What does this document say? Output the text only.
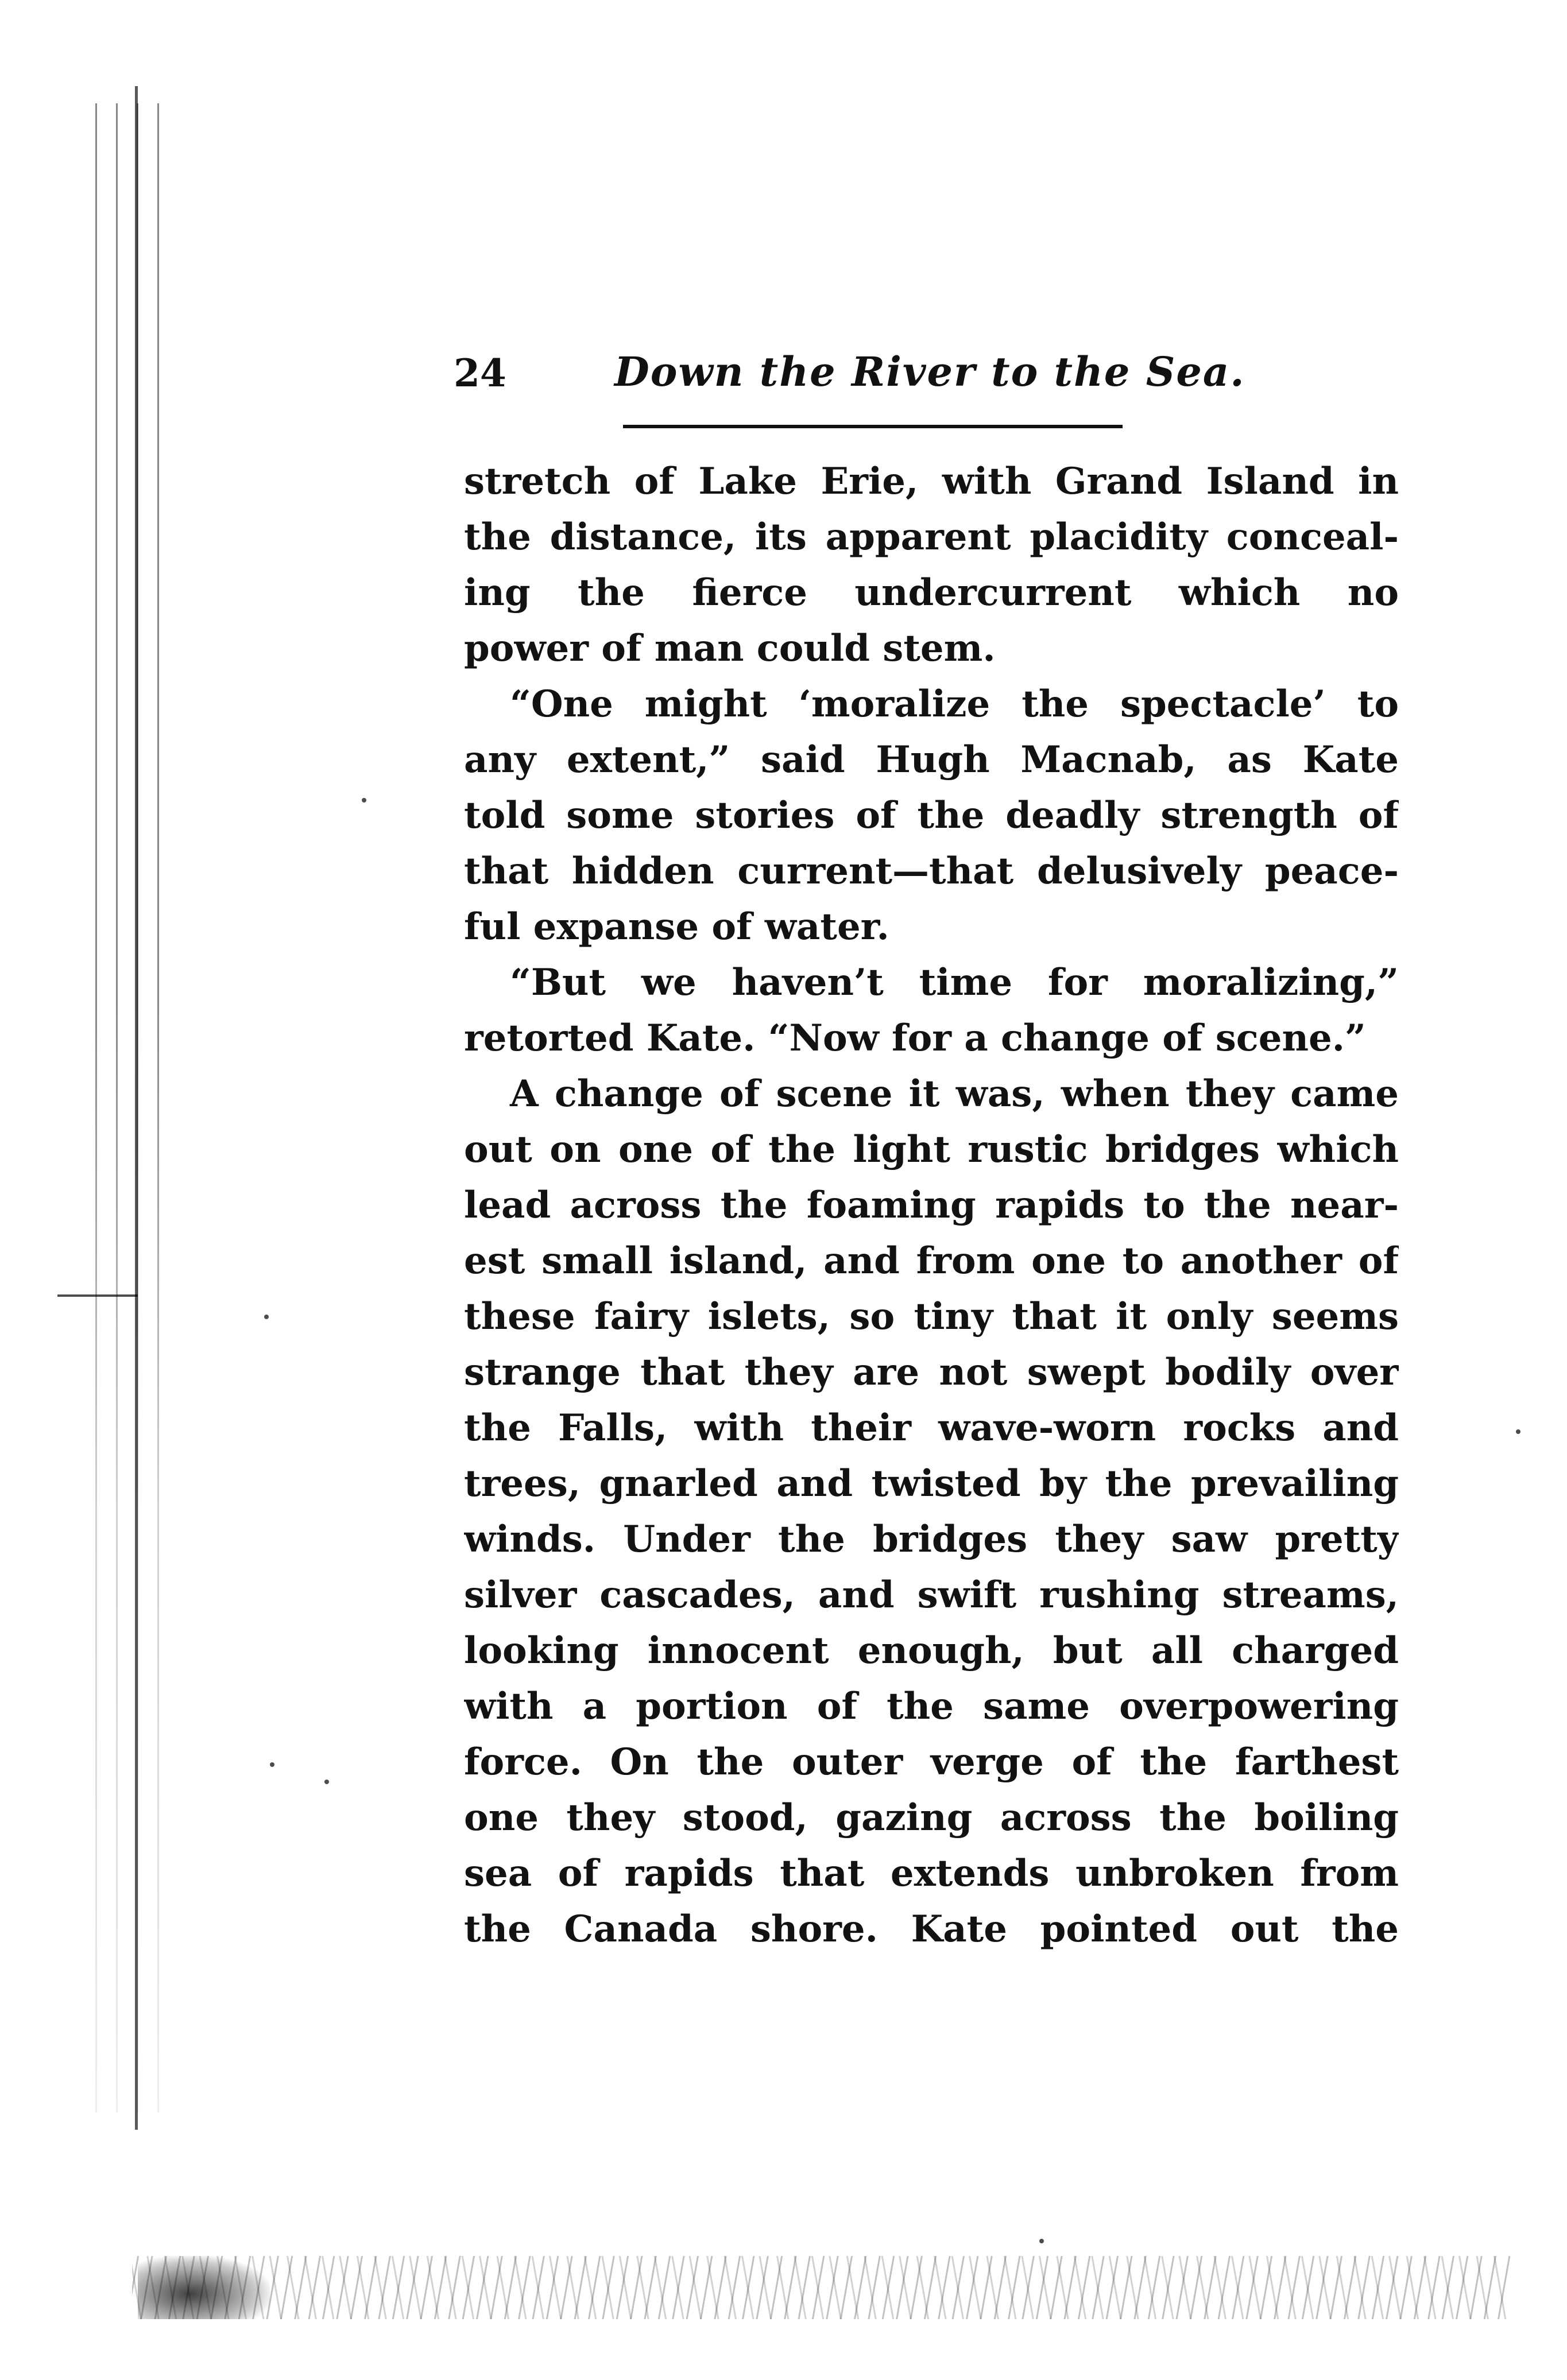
24	Down the River to the Sea.
stretch of Lake Erie, with Grand Island in
the distance, its apparent placidity conceal-
ing the fierce undercurrent which no
power of man could stem.
“One might ‘moralize the spectacle’ to
any extent,” said Hugh Macnab, as Kate
told some stories of the deadly strength of
that hidden current—that delusively peace-
ful expanse of water.
“But we haven’t time for moralizing,”
retorted Kate. “Now for a change of scene.”
A change of scene it was, when they came
out on one of the light rustic bridges which
lead across the foaming rapids to the near-
est small island, and from one to another of
these fairy islets, so tiny that it only seems
strange that they are not swept bodily over
the Falls, with their wave-worn rocks and
trees, gnarled and twisted by the prevailing
winds. Under the bridges they saw pretty
silver cascades, and swift rushing streams,
looking innocent enough, but all charged
with a portion of the same overpowering
force. On the outer verge of the farthest
one they stood, gazing across the boiling
sea of rapids that extends unbroken from
the Canada shore. Kate pointed out the
